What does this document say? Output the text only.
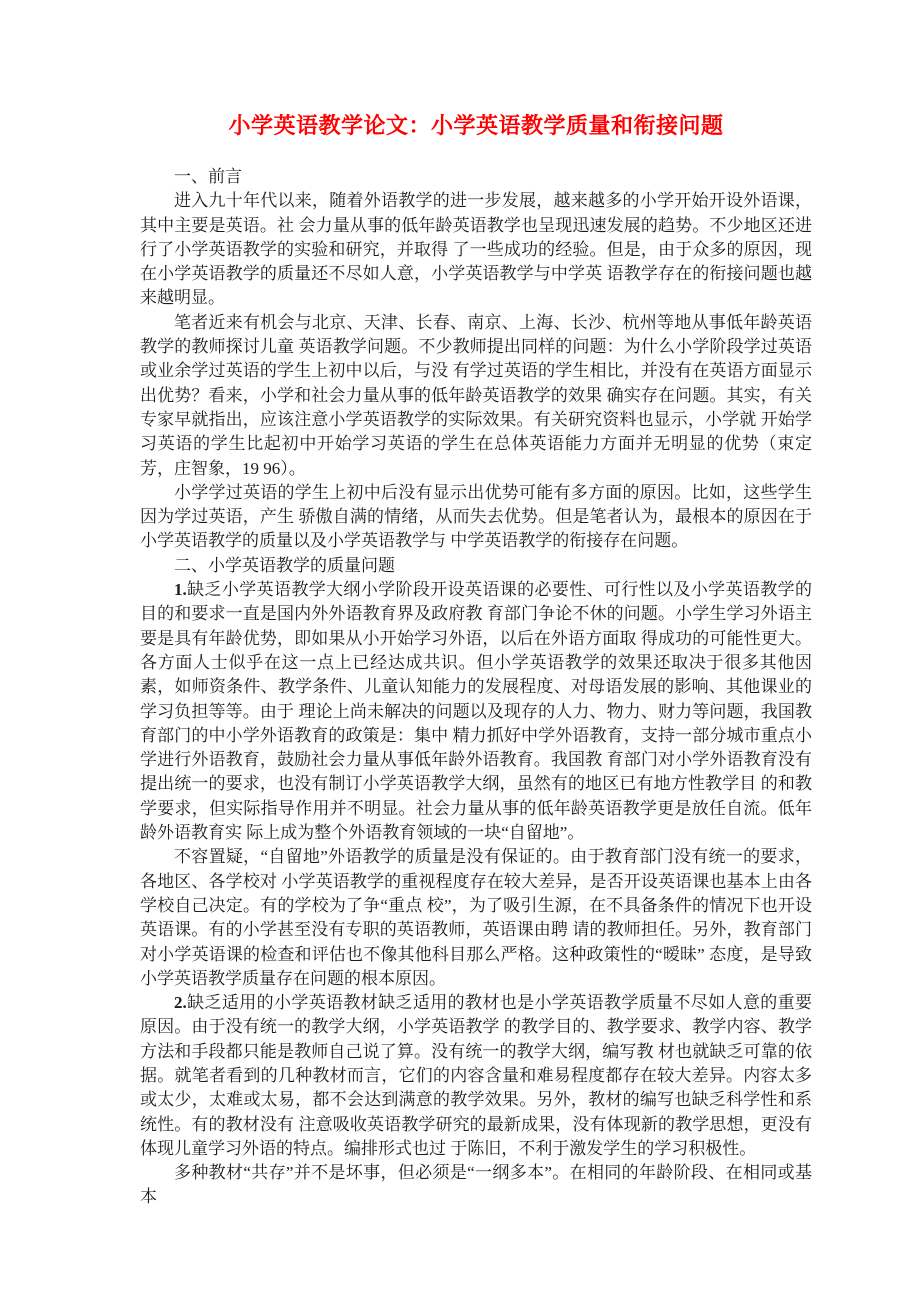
小学英语教学论文：小学英语教学质量和衔接问题

一、前言

进入九十年代以来，随着外语教学的进一步发展，越来越多的小学开始开设外语课，其中主要是英语。社 会力量从事的低年龄英语教学也呈现迅速发展的趋势。不少地区还进行了小学英语教学的实验和研究，并取得 了一些成功的经验。但是，由于众多的原因，现在小学英语教学的质量还不尽如人意，小学英语教学与中学英 语教学存在的衔接问题也越来越明显。

笔者近来有机会与北京、天津、长春、南京、上海、长沙、杭州等地从事低年龄英语教学的教师探讨儿童 英语教学问题。不少教师提出同样的问题：为什么小学阶段学过英语或业余学过英语的学生上初中以后，与没 有学过英语的学生相比，并没有在英语方面显示出优势？看来，小学和社会力量从事的低年龄英语教学的效果 确实存在问题。其实，有关专家早就指出，应该注意小学英语教学的实际效果。有关研究资料也显示，小学就 开始学习英语的学生比起初中开始学习英语的学生在总体英语能力方面并无明显的优势（束定芳，庄智象，19 96）。

小学学过英语的学生上初中后没有显示出优势可能有多方面的原因。比如，这些学生因为学过英语，产生 骄傲自满的情绪，从而失去优势。但是笔者认为，最根本的原因在于小学英语教学的质量以及小学英语教学与 中学英语教学的衔接存在问题。

二、小学英语教学的质量问题

1.缺乏小学英语教学大纲小学阶段开设英语课的必要性、可行性以及小学英语教学的目的和要求一直是国内外外语教育界及政府教 育部门争论不休的问题。小学生学习外语主要是具有年龄优势，即如果从小开始学习外语，以后在外语方面取 得成功的可能性更大。各方面人士似乎在这一点上已经达成共识。但小学英语教学的效果还取决于很多其他因 素，如师资条件、教学条件、儿童认知能力的发展程度、对母语发展的影响、其他课业的学习负担等等。由于 理论上尚未解决的问题以及现存的人力、物力、财力等问题，我国教育部门的中小学外语教育的政策是：集中 精力抓好中学外语教育，支持一部分城市重点小学进行外语教育，鼓励社会力量从事低年龄外语教育。我国教 育部门对小学外语教育没有提出统一的要求，也没有制订小学英语教学大纲，虽然有的地区已有地方性教学目 的和教学要求，但实际指导作用并不明显。社会力量从事的低年龄英语教学更是放任自流。低年龄外语教育实 际上成为整个外语教育领域的一块“自留地”。

不容置疑，“自留地”外语教学的质量是没有保证的。由于教育部门没有统一的要求，各地区、各学校对 小学英语教学的重视程度存在较大差异，是否开设英语课也基本上由各学校自己决定。有的学校为了争“重点 校”，为了吸引生源，在不具备条件的情况下也开设英语课。有的小学甚至没有专职的英语教师，英语课由聘 请的教师担任。另外，教育部门对小学英语课的检查和评估也不像其他科目那么严格。这种政策性的“暧昧” 态度，是导致小学英语教学质量存在问题的根本原因。

2.缺乏适用的小学英语教材缺乏适用的教材也是小学英语教学质量不尽如人意的重要原因。由于没有统一的教学大纲，小学英语教学 的教学目的、教学要求、教学内容、教学方法和手段都只能是教师自己说了算。没有统一的教学大纲，编写教 材也就缺乏可靠的依据。就笔者看到的几种教材而言，它们的内容含量和难易程度都存在较大差异。内容太多 或太少，太难或太易，都不会达到满意的教学效果。另外，教材的编写也缺乏科学性和系统性。有的教材没有 注意吸收英语教学研究的最新成果，没有体现新的教学思想，更没有体现儿童学习外语的特点。编排形式也过 于陈旧，不利于激发学生的学习积极性。

多种教材“共存”并不是坏事，但必须是“一纲多本”。在相同的年龄阶段、在相同或基本
